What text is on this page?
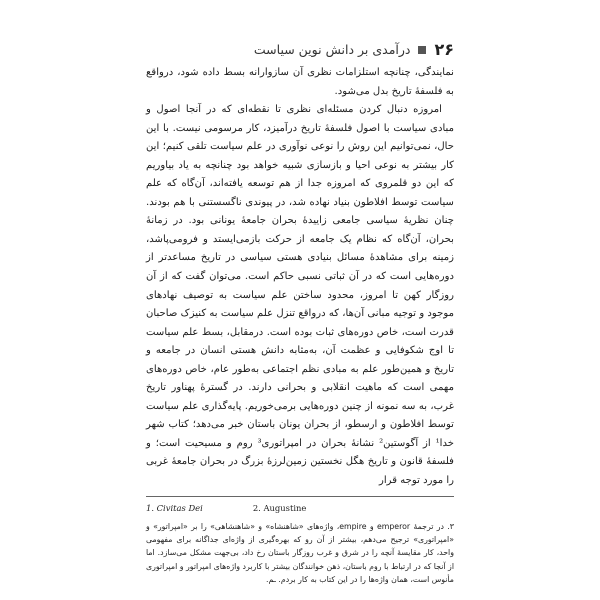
۲۶
درآمدی بر دانش نوین سیاست

نمایندگی، چنانچه استلزامات نظری آن سازوارانه بسط داده شود، درواقع به فلسفهٔ تاریخ بدل می‌شود.

امروزه دنبال کردن مسئله‌ای نظری تا نقطه‌ای که در آنجا اصول و مبادی سیاست با اصول فلسفهٔ تاریخ درآمیزد، کار مرسومی نیست. با این حال، نمی‌توانیم این روش را نوعی نوآوری در علم سیاست تلقی کنیم؛ این کار بیشتر به نوعی احیا و بازسازی شبیه خواهد بود چنانچه به یاد بیاوریم که این دو قلمروی که امروزه جدا از هم توسعه یافته‌اند، آن‌گاه که علم سیاست توسط افلاطون بنیاد نهاده شد، در پیوندی ناگسستنی با هم بودند. چنان نظریهٔ سیاسی جامعی زاییدهٔ بحران جامعهٔ یونانی بود. در زمانهٔ بحران، آن‌گاه که نظام یک جامعه از حرکت بازمی‌ایستد و فرومی‌پاشد، زمینه برای مشاهدهٔ مسائل بنیادی هستی سیاسی در تاریخ مساعدتر از دوره‌هایی است که در آن ثباتی نسبی حاکم است. می‌توان گفت که از آن روزگار کهن تا امروز، محدود ساختن علم سیاست به توصیف نهادهای موجود و توجیه مبانی آن‌ها، که درواقع تنزل علم سیاست به کنیزک صاحبان قدرت است، خاص دوره‌های ثبات بوده است. درمقابل، بسط علم سیاست تا اوج شکوفایی و عظمت آن، به‌مثابه دانش هستی انسان در جامعه و تاریخ و همین‌طور علم به مبادی نظم اجتماعی به‌طور عام، خاص دوره‌های مهمی است که ماهیت انقلابی و بحرانی دارند. در گسترهٔ پهناور تاریخ غرب، به سه نمونه از چنین دوره‌هایی برمی‌خوریم. پایه‌گذاری علم سیاست توسط افلاطون و ارسطو، از بحران یونان باستان خبر می‌دهد؛ کتاب شهر خدا¹ از آگوستین² نشانهٔ بحران در امپراتوری³ روم و مسیحیت است؛ و فلسفهٔ قانون و تاریخ هگل نخستین زمین‌لرزهٔ بزرگ در بحران جامعهٔ غربی را مورد توجه قرار

1. Civitas Dei	2. Augustine
۳. در ترجمهٔ emperor و empire، واژه‌های «شاهنشاه» و «شاهنشاهی» را بر «امپراتور» و «امپراتوری» ترجیح می‌دهم، بیشتر از آن رو که بهره‌گیری از واژه‌ای جداگانه برای مفهومی واحد، کار مقایسهٔ آنچه را در شرق و غرب روزگار باستان رخ داد، بی‌جهت مشکل می‌سازد. اما از آنجا که در ارتباط با روم باستان، ذهن خوانندگان بیشتر با کاربرد واژه‌های امپراتور و امپراتوری مأنوس است، همان واژه‌ها را در این کتاب به کار بردم. ـم.
